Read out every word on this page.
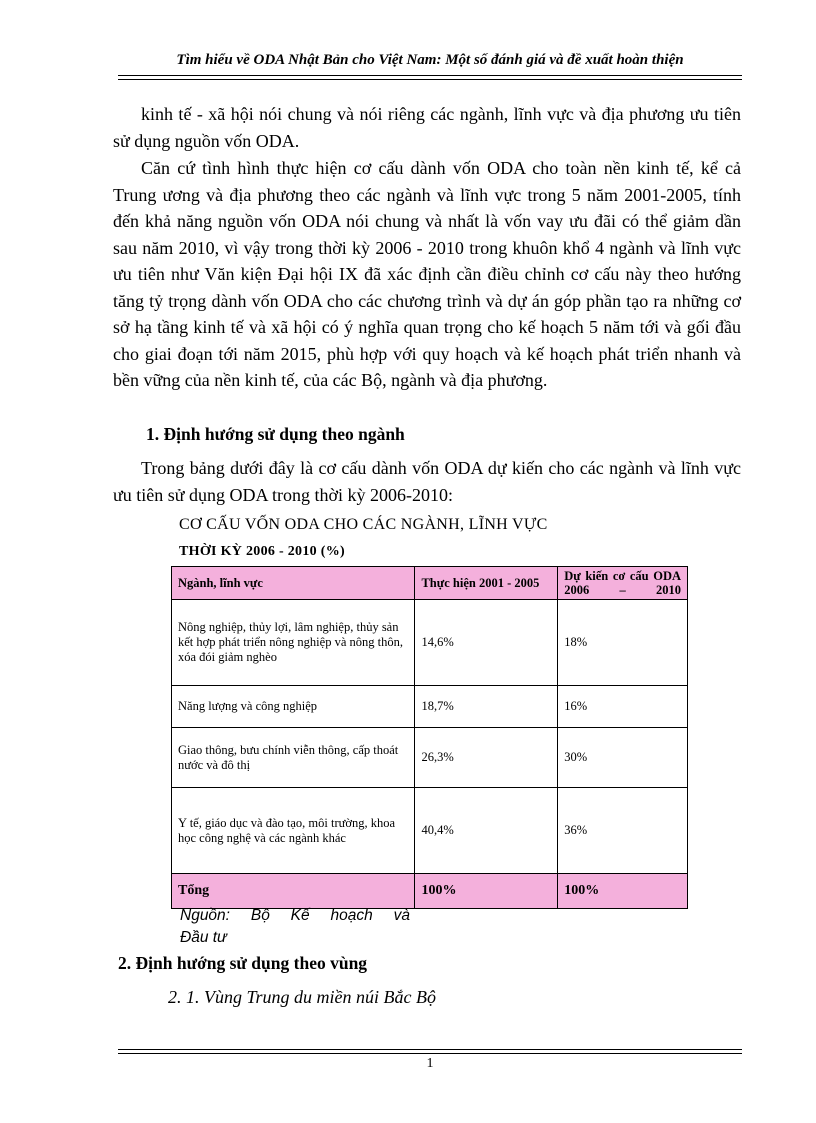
Tìm hiểu về ODA Nhật Bản cho Việt Nam: Một số đánh giá và đề xuất hoàn thiện

kinh tế - xã hội nói chung và nói riêng các ngành, lĩnh vực và địa phương ưu tiên sử dụng nguồn vốn ODA.

Căn cứ tình hình thực hiện cơ cấu dành vốn ODA cho toàn nền kinh tế, kể cả Trung ương và địa phương theo các ngành và lĩnh vực trong 5 năm 2001-2005, tính đến khả năng nguồn vốn ODA nói chung và nhất là vốn vay ưu đãi có thể giảm dần sau năm 2010, vì vậy trong thời kỳ 2006 - 2010 trong khuôn khổ 4 ngành và lĩnh vực ưu tiên như Văn kiện Đại hội IX đã xác định cần điều chỉnh cơ cấu này theo hướng tăng tỷ trọng dành vốn ODA cho các chương trình và dự án góp phần tạo ra những cơ sở hạ tầng kinh tế và xã hội có ý nghĩa quan trọng cho kế hoạch 5 năm tới và gối đầu cho giai đoạn tới năm 2015, phù hợp với quy hoạch và kế hoạch phát triển nhanh và bền vững của nền kinh tế, của các Bộ, ngành và địa phương.

1. Định hướng sử dụng theo ngành

Trong bảng dưới đây là cơ cấu dành vốn ODA dự kiến cho các ngành và lĩnh vực ưu tiên sử dụng ODA trong thời kỳ 2006-2010:

CƠ CẤU VỐN ODA CHO CÁC NGÀNH, LĨNH VỰC
THỜI KỲ 2006 - 2010 (%)
Ngành, lĩnh vực	Thực hiện 2001 - 2005	Dự kiến cơ cấu ODA 2006 – 2010
Nông nghiệp, thủy lợi, lâm nghiệp, thủy sản kết hợp phát triển nông nghiệp và nông thôn, xóa đói giảm nghèo	14,6%	18%
Năng lượng và công nghiệp	18,7%	16%
Giao thông, bưu chính viễn thông, cấp thoát nước và đô thị	26,3%	30%
Y tế, giáo dục và đào tạo, môi trường, khoa học công nghệ và các ngành khác	40,4%	36%
Tổng	100%	100%
Nguồn: Bộ Kế hoạch và
Đầu tư
2. Định hướng sử dụng theo vùng
2. 1. Vùng Trung du miền núi Bắc Bộ
1
